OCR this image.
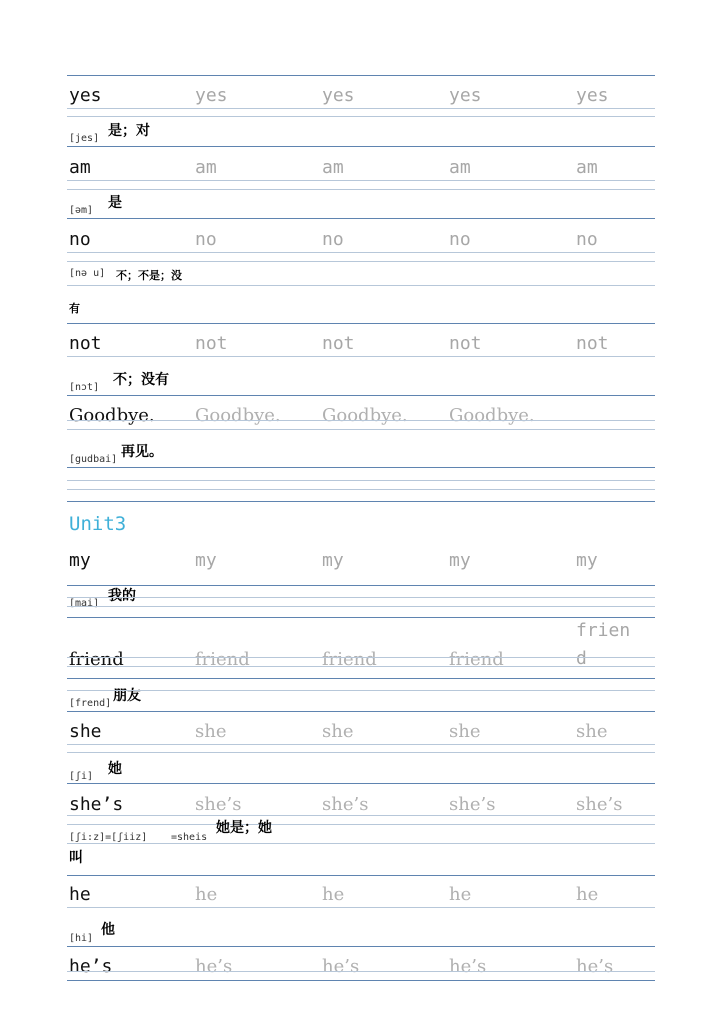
yes	yes	yes	yes	yes
[jes] 是；对
am	am	am	am	am
[əm] 是
no	no	no	no	no
[nə u] 不；不是；没
有
not	not	not	not	not
[nɔt] 不；没有
Goodbye. Goodbye. Goodbye. Goodbye.
[gudbai] 再见。
Unit3
my	my	my	my	my
[mai] 我的
friend	friend	friend	friend
friend
[frend] 朋友
she	she	she	she	she
[ʃi] 她
she’s	she’s	she’s	she’s	she’s
[ʃi:z]=[ʃiiz] =sheis
她是；她
叫
he	he	he	he	he
[hi]
他
he’s	he’s	he’s	he’s	he’s
